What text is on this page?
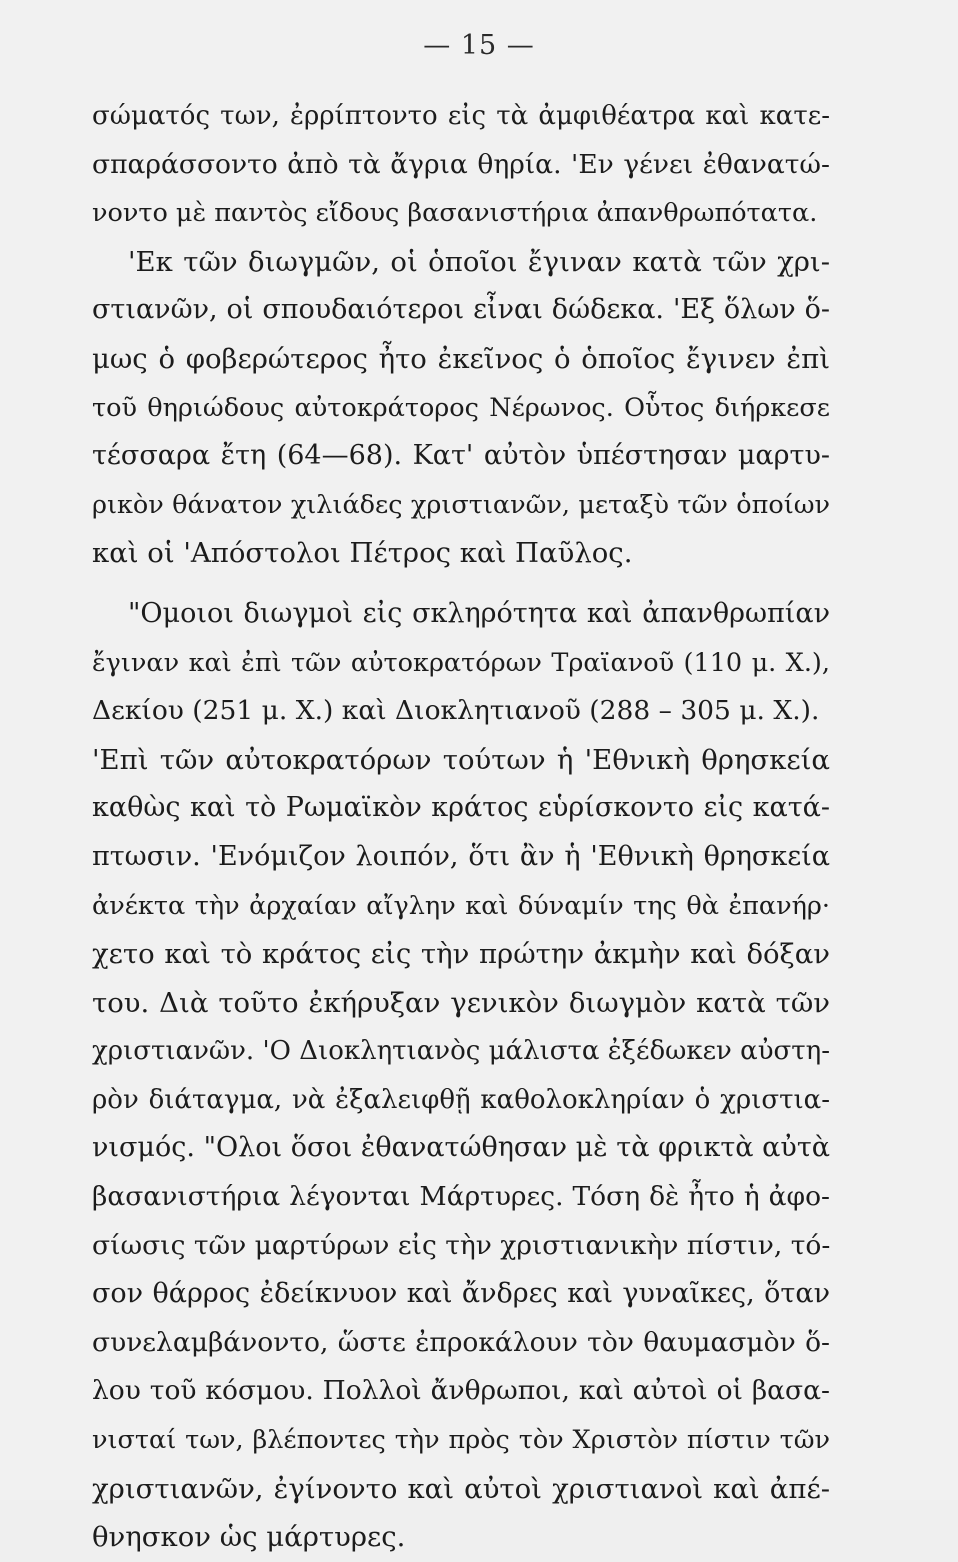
— 15 —
σώματός των, ἐρρίπτοντο εἰς τὰ ἀμφιθέατρα καὶ κατε-
σπαράσσοντο ἀπὸ τὰ ἄγρια θηρία. 'Εν γένει ἐθανατώ-
νοντο μὲ παντὸς εἴδους βασανιστήρια ἀπανθρωπότατα.
'Εκ τῶν διωγμῶν, οἱ ὁποῖοι ἔγιναν κατὰ τῶν χρι-
στιανῶν, οἱ σπουδαιότεροι εἶναι δώδεκα. 'Εξ ὅλων ὅ-
μως ὁ φοβερώτερος ἦτο ἐκεῖνος ὁ ὁποῖος ἔγινεν ἐπὶ
τοῦ θηριώδους αὐτοκράτορος Νέρωνος. Οὗτος διήρκεσε
τέσσαρα ἔτη (64—68). Κατ' αὐτὸν ὑπέστησαν μαρτυ-
ρικὸν θάνατον χιλιάδες χριστιανῶν, μεταξὺ τῶν ὁποίων
καὶ οἱ 'Απόστολοι Πέτρος καὶ Παῦλος.
"Ομοιοι διωγμοὶ εἰς σκληρότητα καὶ ἀπανθρωπίαν
ἔγιναν καὶ ἐπὶ τῶν αὐτοκρατόρων Τραϊανοῦ (110 μ. Χ.),
Δεκίου (251 μ. Χ.) καὶ Διοκλητιανοῦ (288 – 305 μ. Χ.).
'Επὶ τῶν αὐτοκρατόρων τούτων ἡ 'Εθνικὴ θρησκεία
καθὼς καὶ τὸ Ρωμαϊκὸν κράτος εὑρίσκοντο εἰς κατά-
πτωσιν. 'Ενόμιζον λοιπόν, ὅτι ἂν ἡ 'Εθνικὴ θρησκεία
ἀνέκτα τὴν ἀρχαίαν αἴγλην καὶ δύναμίν της θὰ ἐπανήρ·
χετο καὶ τὸ κράτος εἰς τὴν πρώτην ἀκμὴν καὶ δόξαν
του. Διὰ τοῦτο ἐκήρυξαν γενικὸν διωγμὸν κατὰ τῶν
χριστιανῶν. 'Ο Διοκλητιανὸς μάλιστα ἐξέδωκεν αὐστη-
ρὸν διάταγμα, νὰ ἐξαλειφθῇ καθολοκληρίαν ὁ χριστια-
νισμός. "Ολοι ὅσοι ἐθανατώθησαν μὲ τὰ φρικτὰ αὐτὰ
βασανιστήρια λέγονται Μάρτυρες. Τόση δὲ ἦτο ἡ ἀφο-
σίωσις τῶν μαρτύρων εἰς τὴν χριστιανικὴν πίστιν, τό-
σον θάρρος ἐδείκνυον καὶ ἄνδρες καὶ γυναῖκες, ὅταν
συνελαμβάνοντο, ὥστε ἐπροκάλουν τὸν θαυμασμὸν ὅ-
λου τοῦ κόσμου. Πολλοὶ ἄνθρωποι, καὶ αὐτοὶ οἱ βασα-
νισταί των, βλέποντες τὴν πρὸς τὸν Χριστὸν πίστιν τῶν
χριστιανῶν, ἐγίνοντο καὶ αὐτοὶ χριστιανοὶ καὶ ἀπέ-
θνησκον ὡς μάρτυρες.
